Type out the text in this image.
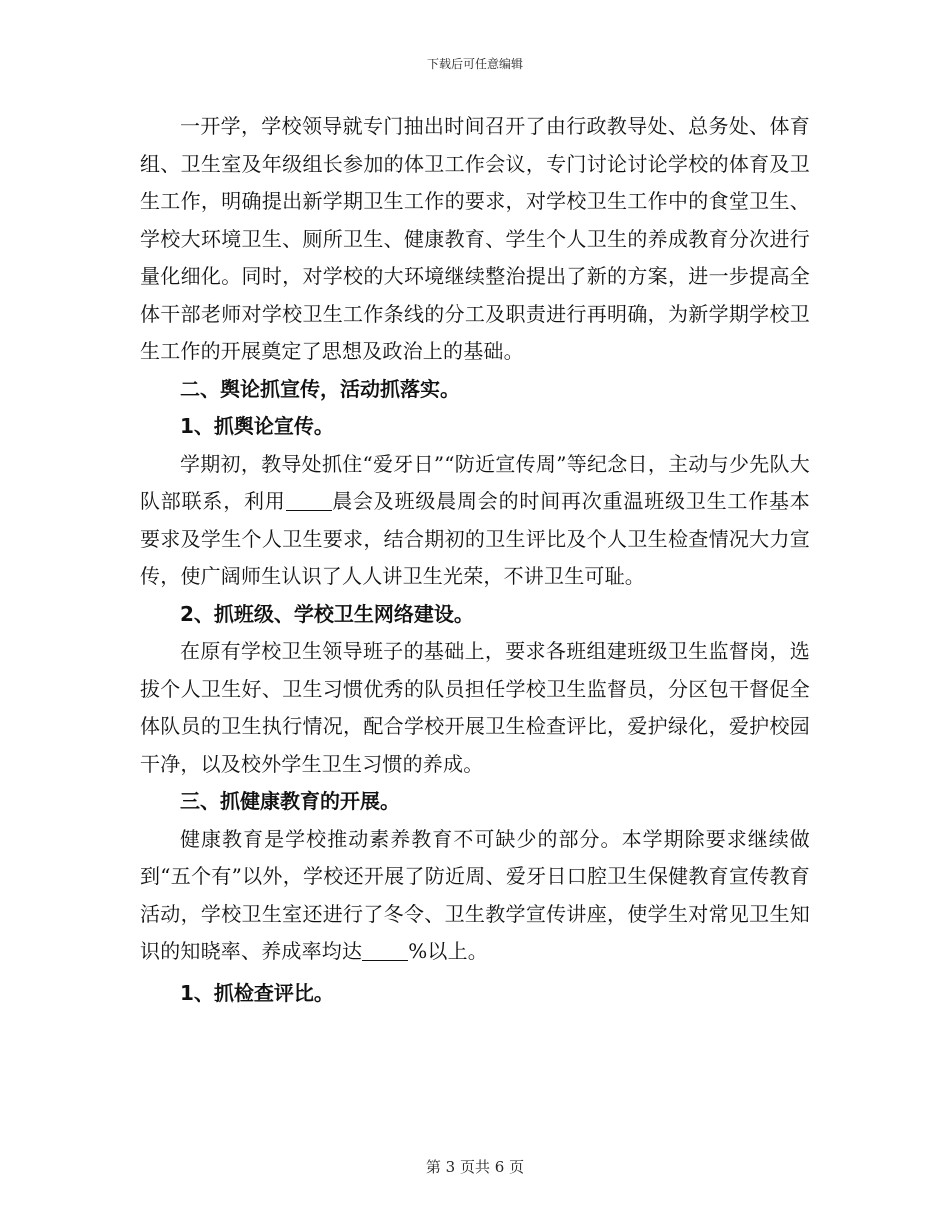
下载后可任意编辑

一开学，学校领导就专门抽出时间召开了由行政教导处、总务处、体育组、卫生室及年级组长参加的体卫工作会议，专门讨论讨论学校的体育及卫生工作，明确提出新学期卫生工作的要求，对学校卫生工作中的食堂卫生、学校大环境卫生、厕所卫生、健康教育、学生个人卫生的养成教育分次进行量化细化。同时，对学校的大环境继续整治提出了新的方案，进一步提高全体干部老师对学校卫生工作条线的分工及职责进行再明确，为新学期学校卫生工作的开展奠定了思想及政治上的基础。

二、舆论抓宣传，活动抓落实。

1、抓舆论宣传。

学期初，教导处抓住“爱牙日”“防近宣传周”等纪念日，主动与少先队大队部联系，利用 晨会及班级晨周会的时间再次重温班级卫生工作基本要求及学生个人卫生要求，结合期初的卫生评比及个人卫生检查情况大力宣传，使广阔师生认识了人人讲卫生光荣，不讲卫生可耻。

2、抓班级、学校卫生网络建设。

在原有学校卫生领导班子的基础上，要求各班组建班级卫生监督岗，选拔个人卫生好、卫生习惯优秀的队员担任学校卫生监督员，分区包干督促全体队员的卫生执行情况，配合学校开展卫生检查评比，爱护绿化，爱护校园干净，以及校外学生卫生习惯的养成。

三、抓健康教育的开展。

健康教育是学校推动素养教育不可缺少的部分。本学期除要求继续做到“五个有”以外，学校还开展了防近周、爱牙日口腔卫生保健教育宣传教育活动，学校卫生室还进行了冬令、卫生教学宣传讲座，使学生对常见卫生知识的知晓率、养成率均达 %以上。

1、抓检查评比。

第 3 页共 6 页
